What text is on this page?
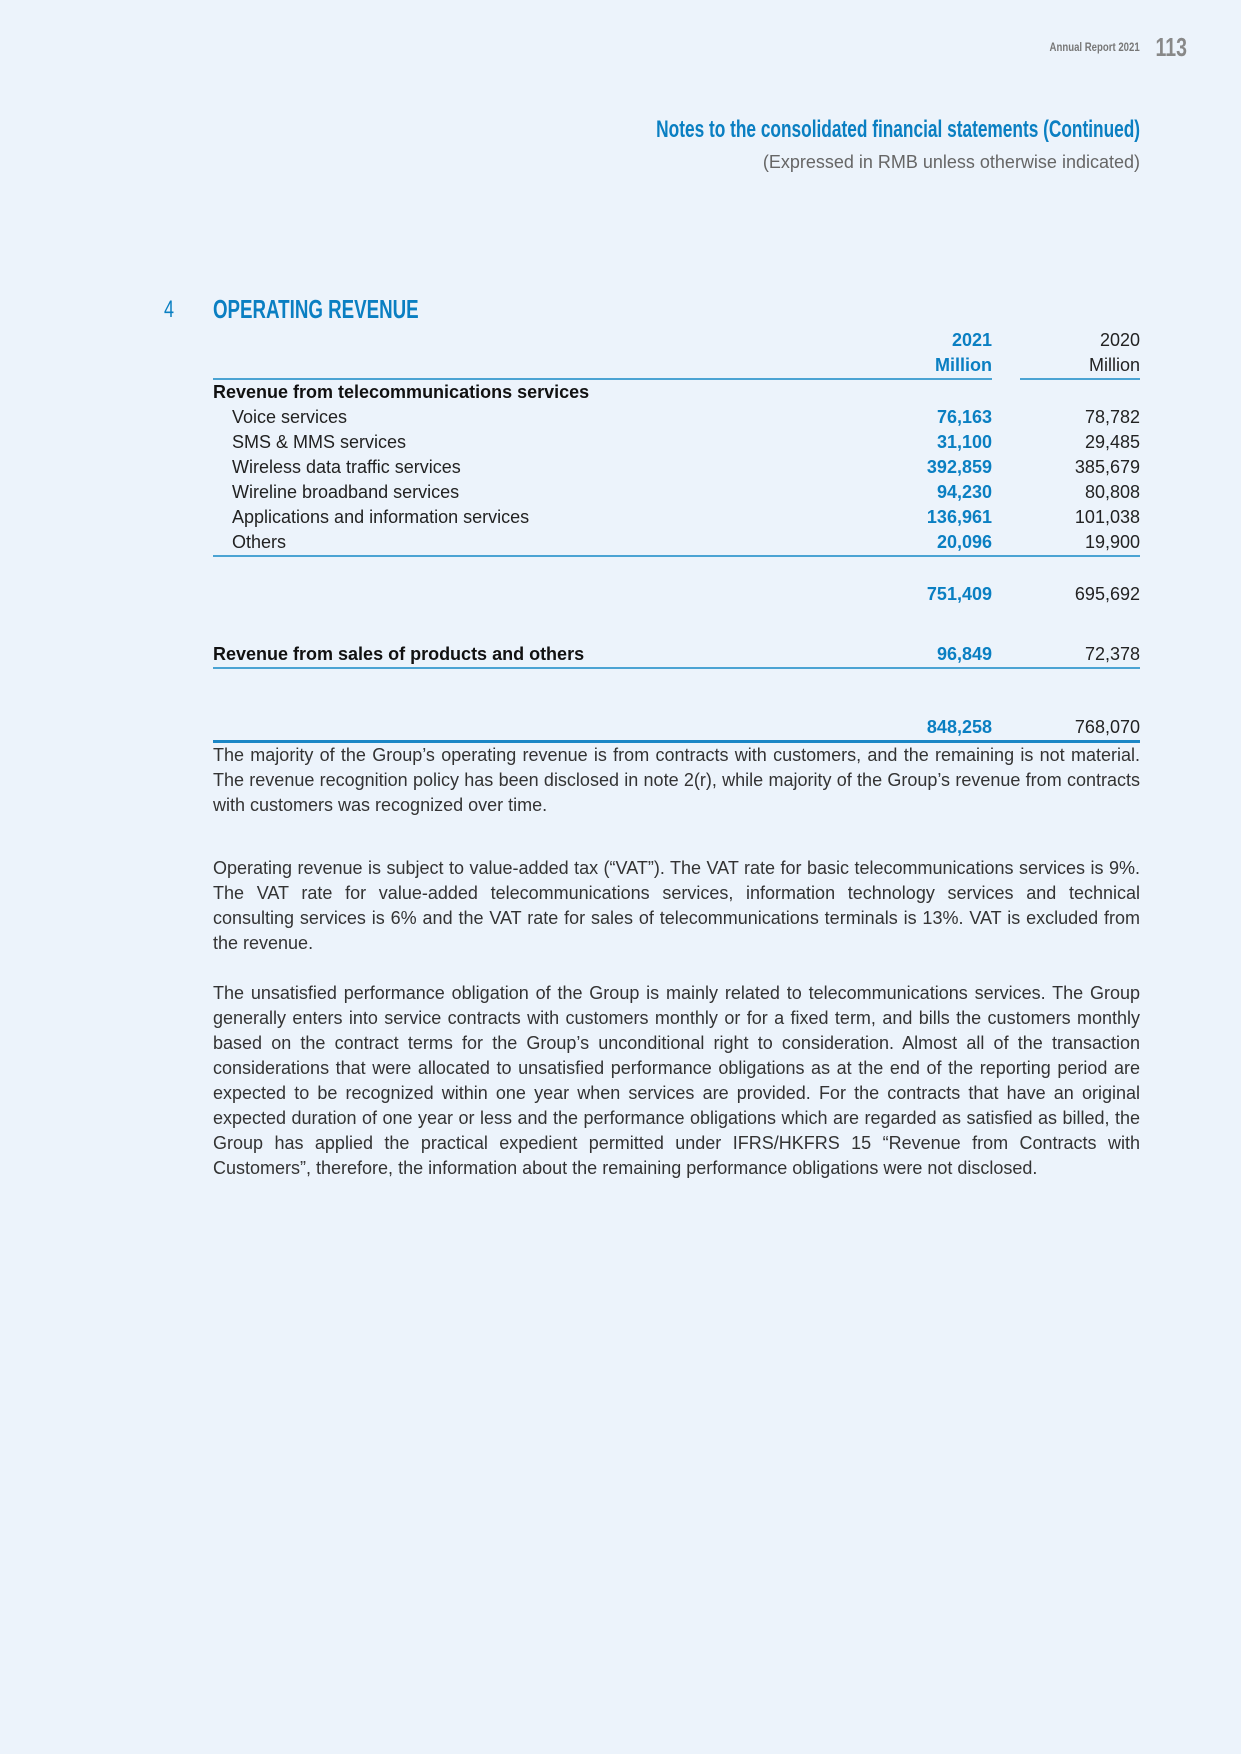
Annual Report 2021 113
Notes to the consolidated financial statements (Continued)
(Expressed in RMB unless otherwise indicated)
4 OPERATING REVENUE
	2021		2020
	Million		Million
Revenue from telecommunications services			
Voice services	76,163		78,782
SMS & MMS services	31,100		29,485
Wireless data traffic services	392,859		385,679
Wireline broadband services	94,230		80,808
Applications and information services	136,961		101,038
Others	20,096		19,900

	751,409		695,692

Revenue from sales of products and others	96,849		72,378

	848,258		768,070

The majority of the Group’s operating revenue is from contracts with customers, and the remaining is not material. The revenue recognition policy has been disclosed in note 2(r), while majority of the Group’s revenue from contracts with customers was recognized over time.

Operating revenue is subject to value-added tax (“VAT”). The VAT rate for basic telecommunications services is 9%. The VAT rate for value-added telecommunications services, information technology services and technical consulting services is 6% and the VAT rate for sales of telecommunications terminals is 13%. VAT is excluded from the revenue.

The unsatisfied performance obligation of the Group is mainly related to telecommunications services. The Group generally enters into service contracts with customers monthly or for a fixed term, and bills the customers monthly based on the contract terms for the Group’s unconditional right to consideration. Almost all of the transaction considerations that were allocated to unsatisfied performance obligations as at the end of the reporting period are expected to be recognized within one year when services are provided. For the contracts that have an original expected duration of one year or less and the performance obligations which are regarded as satisfied as billed, the Group has applied the practical expedient permitted under IFRS/HKFRS 15 “Revenue from Contracts with Customers”, therefore, the information about the remaining performance obligations were not disclosed.
